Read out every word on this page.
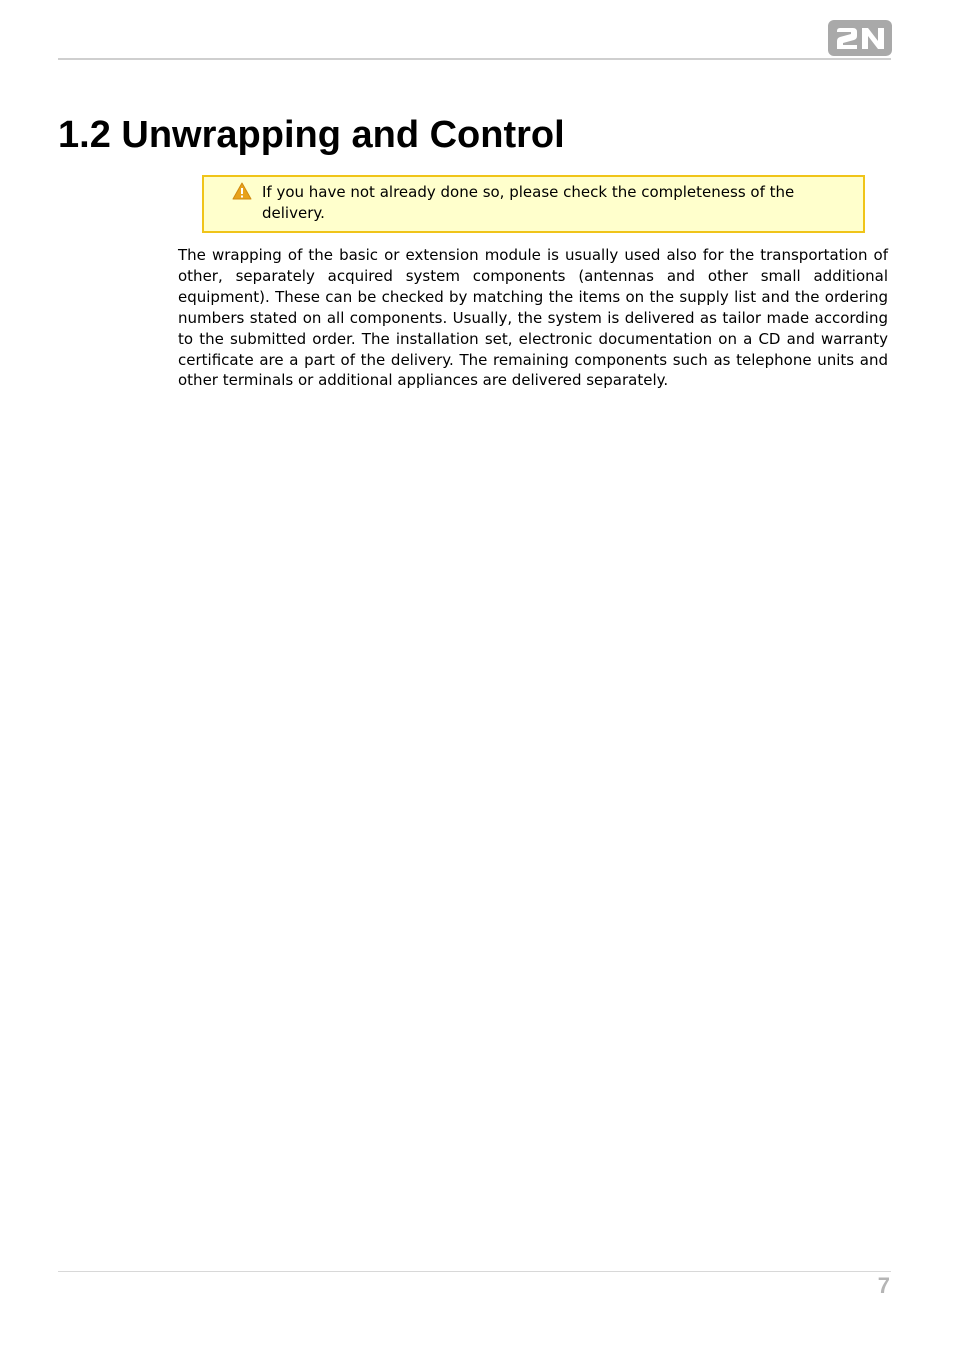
1.2 Unwrapping and Control

If you have not already done so, please check the completeness of the delivery.

The wrapping of the basic or extension module is usually used also for the transportation of other, separately acquired system components (antennas and other small additional equipment). These can be checked by matching the items on the supply list and the ordering numbers stated on all components. Usually, the system is delivered as tailor made according to the submitted order. The installation set, electronic documentation on a CD and warranty certificate are a part of the delivery. The remaining components such as telephone units and other terminals or additional appliances are delivered separately.

7
